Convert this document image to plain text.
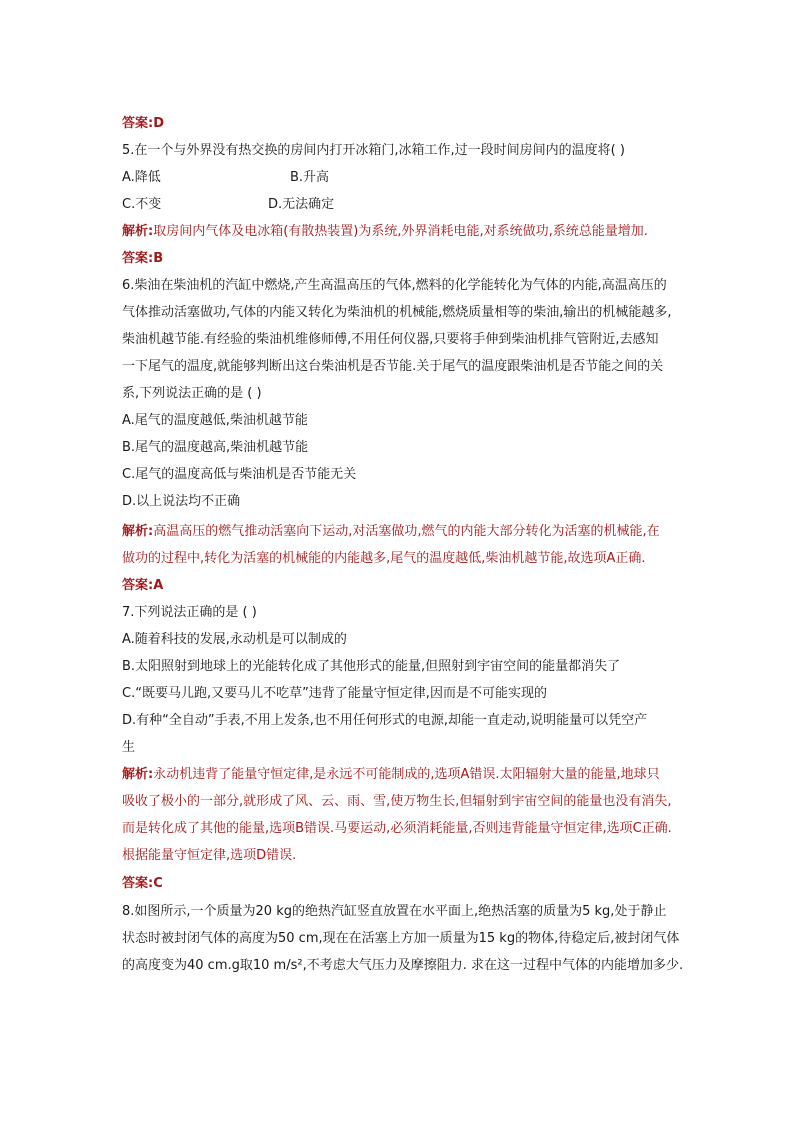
答案:D
5.在一个与外界没有热交换的房间内打开冰箱门,冰箱工作,过一段时间房间内的温度将( )
A.降低	B.升高
C.不变	D.无法确定
解析:取房间内气体及电冰箱(有散热装置)为系统,外界消耗电能,对系统做功,系统总能量增加.
答案:B
6.柴油在柴油机的汽缸中燃烧,产生高温高压的气体,燃料的化学能转化为气体的内能,高温高压的
气体推动活塞做功,气体的内能又转化为柴油机的机械能,燃烧质量相等的柴油,输出的机械能越多,
柴油机越节能.有经验的柴油机维修师傅,不用任何仪器,只要将手伸到柴油机排气管附近,去感知
一下尾气的温度,就能够判断出这台柴油机是否节能.关于尾气的温度跟柴油机是否节能之间的关
系,下列说法正确的是 ( )
A.尾气的温度越低,柴油机越节能
B.尾气的温度越高,柴油机越节能
C.尾气的温度高低与柴油机是否节能无关
D.以上说法均不正确
解析:高温高压的燃气推动活塞向下运动,对活塞做功,燃气的内能大部分转化为活塞的机械能,在
做功的过程中,转化为活塞的机械能的内能越多,尾气的温度越低,柴油机越节能,故选项A正确.
答案:A
7.下列说法正确的是 ( )
A.随着科技的发展,永动机是可以制成的
B.太阳照射到地球上的光能转化成了其他形式的能量,但照射到宇宙空间的能量都消失了
C.“既要马儿跑,又要马儿不吃草”违背了能量守恒定律,因而是不可能实现的
D.有种“全自动”手表,不用上发条,也不用任何形式的电源,却能一直走动,说明能量可以凭空产
生
解析:永动机违背了能量守恒定律,是永远不可能制成的,选项A错误.太阳辐射大量的能量,地球只
吸收了极小的一部分,就形成了风、云、雨、雪,使万物生长,但辐射到宇宙空间的能量也没有消失,
而是转化成了其他的能量,选项B错误.马要运动,必须消耗能量,否则违背能量守恒定律,选项C正确.
根据能量守恒定律,选项D错误.
答案:C
8.如图所示,一个质量为20 kg的绝热汽缸竖直放置在水平面上,绝热活塞的质量为5 kg,处于静止
状态时被封闭气体的高度为50 cm,现在在活塞上方加一质量为15 kg的物体,待稳定后,被封闭气体
的高度变为40 cm.g取10 m/s²,不考虑大气压力及摩擦阻力. 求在这一过程中气体的内能增加多少.
